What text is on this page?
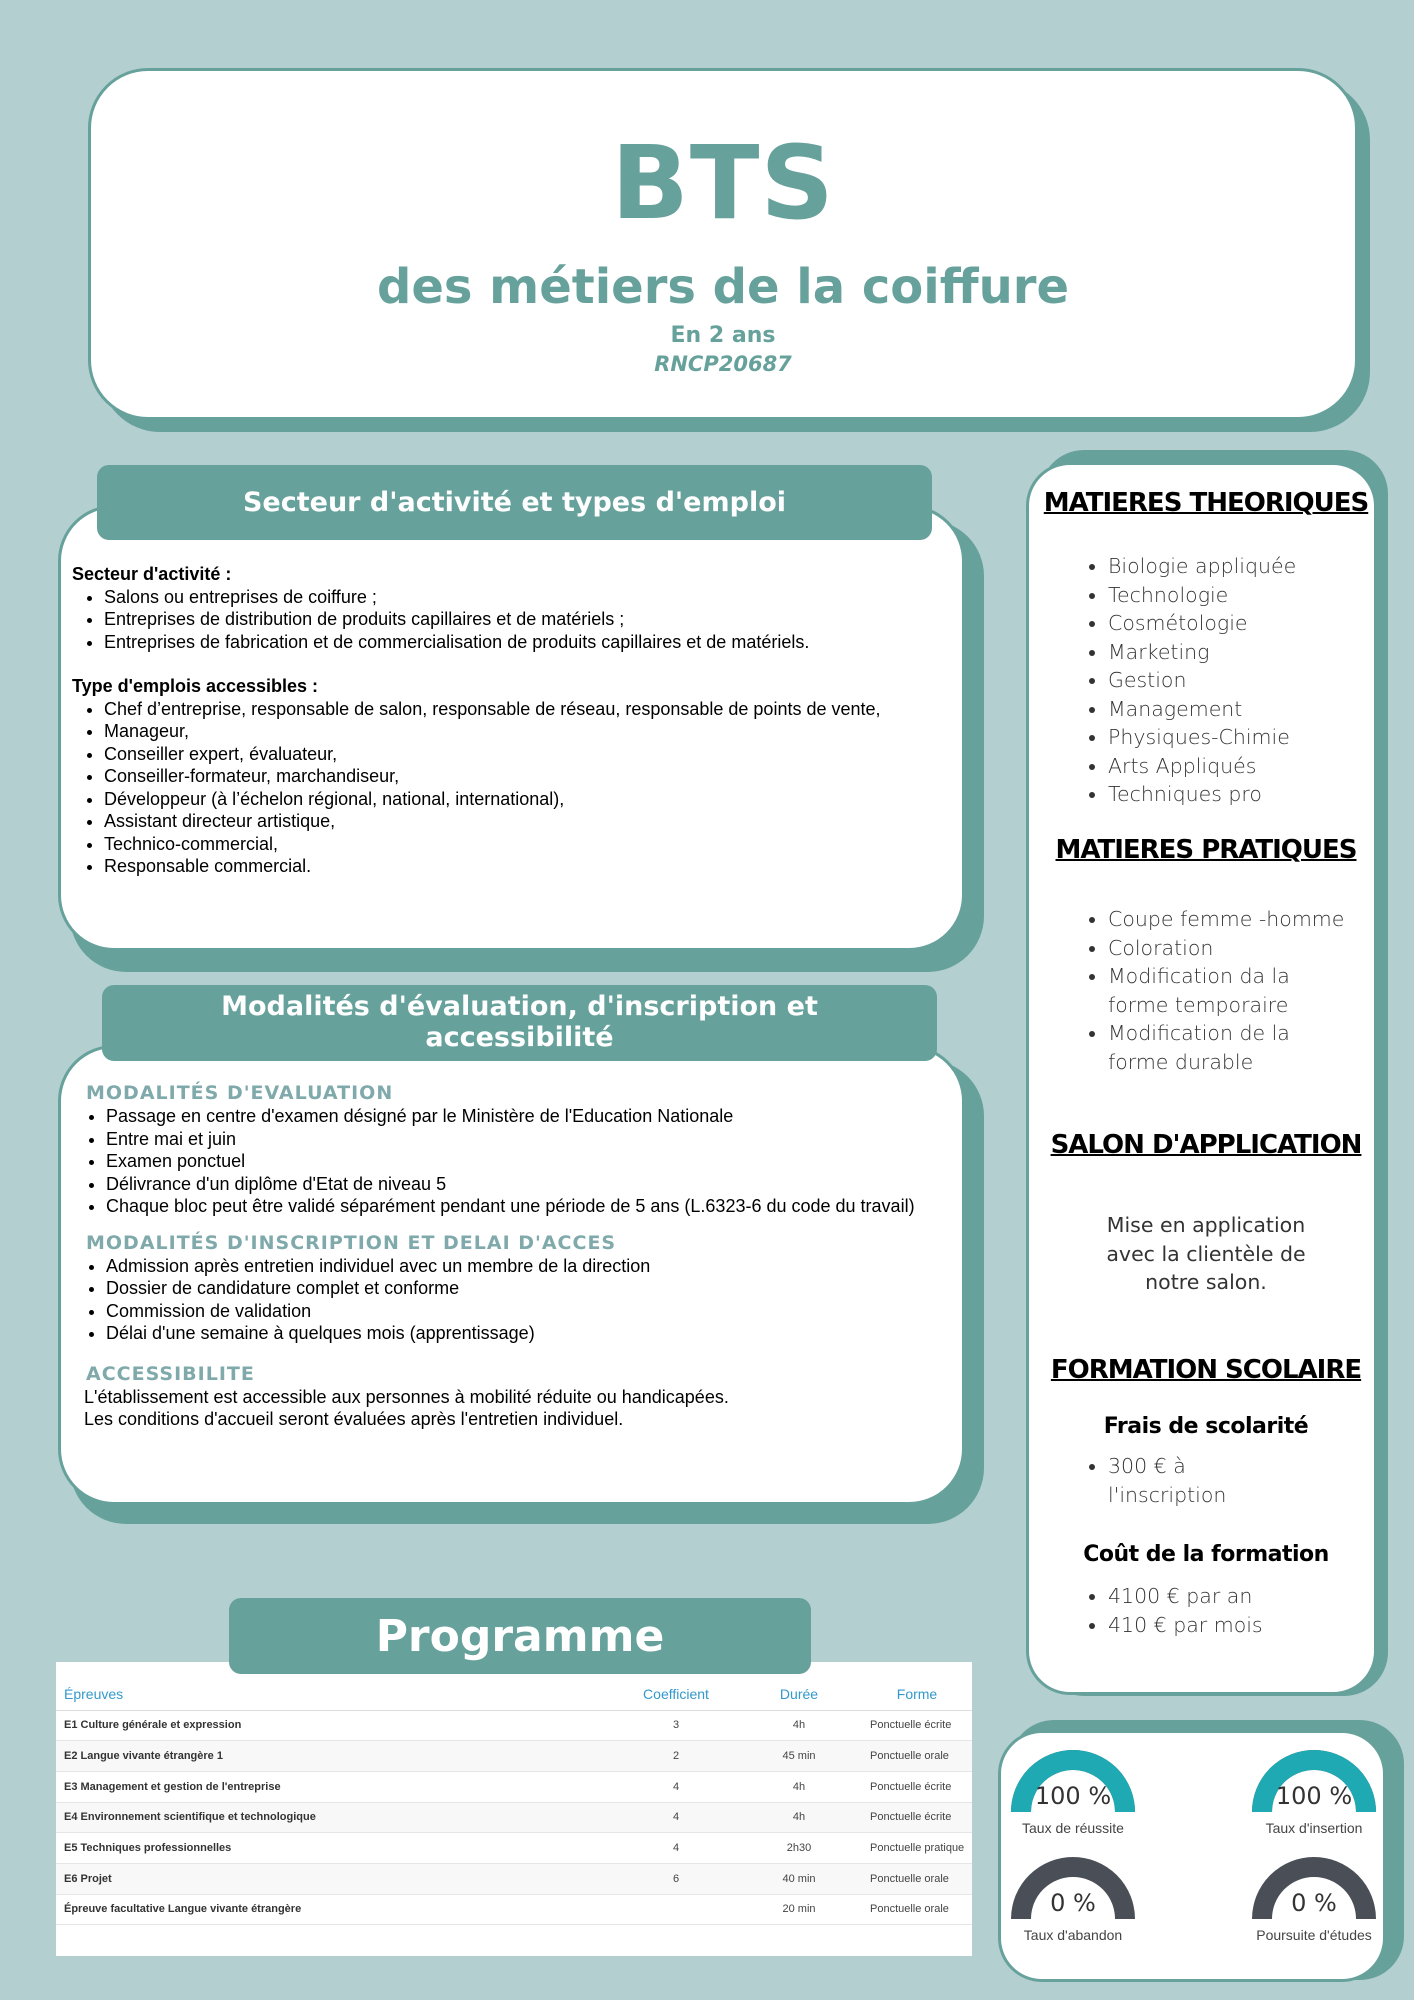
BTS
des métiers de la coiffure
En 2 ans
RNCP20687
Secteur d'activité et types d'emploi
Secteur d'activité :
• Salons ou entreprises de coiffure ;
• Entreprises de distribution de produits capillaires et de matériels ;
• Entreprises de fabrication et de commercialisation de produits capillaires et de matériels.
Type d'emplois accessibles :
• Chef d’entreprise, responsable de salon, responsable de réseau, responsable de points de vente,
• Manageur,
• Conseiller expert, évaluateur,
• Conseiller-formateur, marchandiseur,
• Développeur (à l’échelon régional, national, international),
• Assistant directeur artistique,
• Technico-commercial,
• Responsable commercial.
Modalités d'évaluation, d'inscription et
accessibilité
MODALITÉS D'EVALUATION
• Passage en centre d'examen désigné par le Ministère de l'Education Nationale
• Entre mai et juin
• Examen ponctuel
• Délivrance d'un diplôme d'Etat de niveau 5
• Chaque bloc peut être validé séparément pendant une période de 5 ans (L.6323-6 du code du travail)
MODALITÉS D'INSCRIPTION ET DELAI D'ACCES
• Admission après entretien individuel avec un membre de la direction
• Dossier de candidature complet et conforme
• Commission de validation
• Délai d'une semaine à quelques mois (apprentissage)
ACCESSIBILITE
L'établissement est accessible aux personnes à mobilité réduite ou handicapées.
Les conditions d'accueil seront évaluées après l'entretien individuel.
MATIERES THEORIQUES
• Biologie appliquée
• Technologie
• Cosmétologie
• Marketing
• Gestion
• Management
• Physiques-Chimie
• Arts Appliqués
• Techniques pro
MATIERES PRATIQUES
• Coupe femme -homme
• Coloration
• Modification da la forme temporaire
• Modification de la forme durable
SALON D'APPLICATION
Mise en application
avec la clientèle de
notre salon.
FORMATION SCOLAIRE
Frais de scolarité
• 300 € à
l'inscription
Coût de la formation
• 4100 € par an
• 410 € par mois
Épreuves	Coefficient	Durée	Forme
E1 Culture générale et expression	3	4h	Ponctuelle écrite
E2 Langue vivante étrangère 1	2	45 min	Ponctuelle orale
E3 Management et gestion de l'entreprise	4	4h	Ponctuelle écrite
E4 Environnement scientifique et technologique	4	4h	Ponctuelle écrite
E5 Techniques professionnelles	4	2h30	Ponctuelle pratique
E6 Projet	6	40 min	Ponctuelle orale
Épreuve facultative Langue vivante étrangère		20 min	Ponctuelle orale
Programme
100 %
Taux de réussite
100 %
Taux d'insertion
0 %
Taux d'abandon
0 %
Poursuite d'études
